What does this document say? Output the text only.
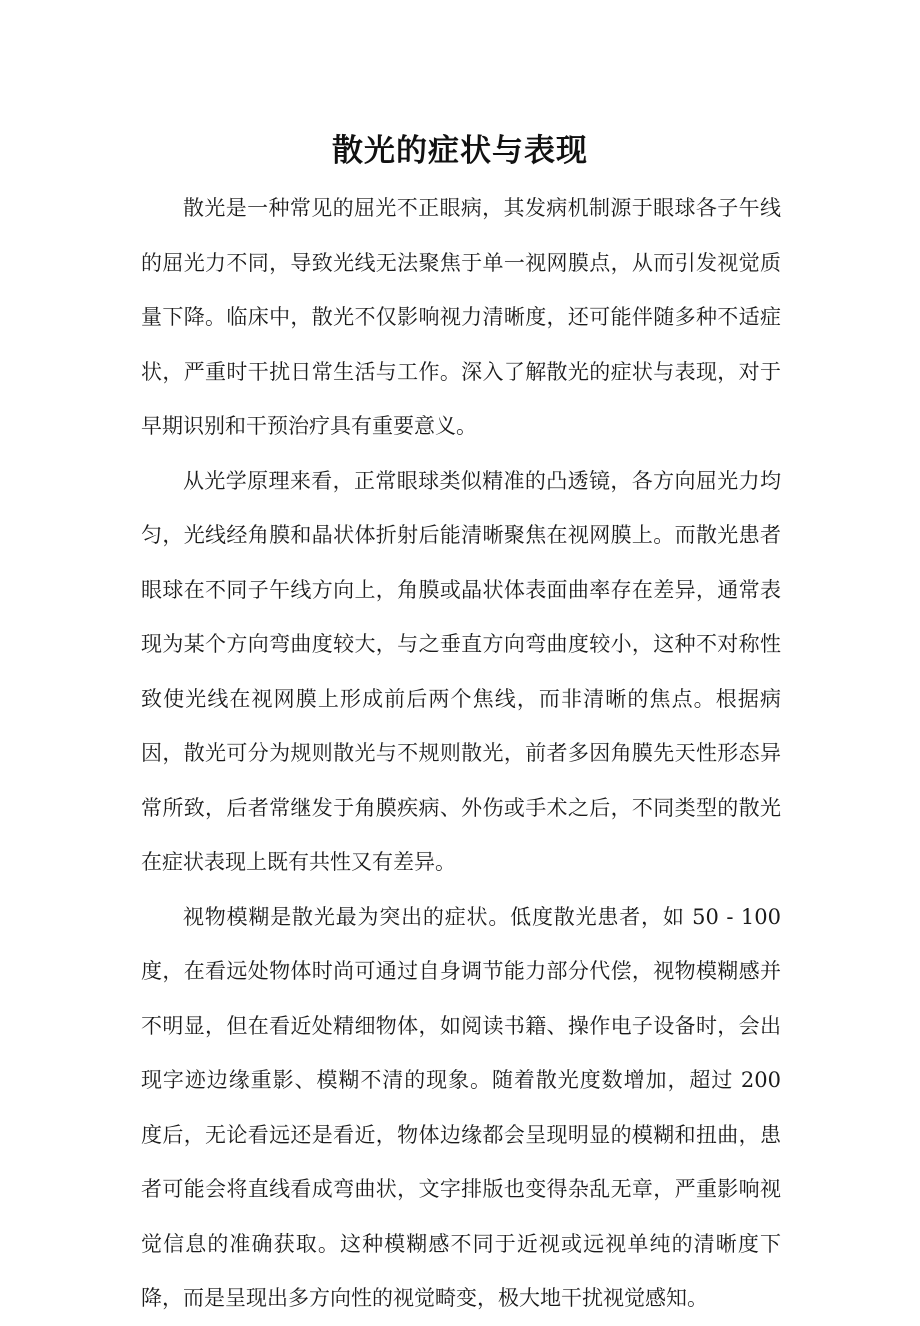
散光的症状与表现

散光是一种常见的屈光不正眼病，其发病机制源于眼球各子午线的屈光力不同，导致光线无法聚焦于单一视网膜点，从而引发视觉质量下降。临床中，散光不仅影响视力清晰度，还可能伴随多种不适症状，严重时干扰日常生活与工作。深入了解散光的症状与表现，对于早期识别和干预治疗具有重要意义。

从光学原理来看，正常眼球类似精准的凸透镜，各方向屈光力均匀，光线经角膜和晶状体折射后能清晰聚焦在视网膜上。而散光患者眼球在不同子午线方向上，角膜或晶状体表面曲率存在差异，通常表现为某个方向弯曲度较大，与之垂直方向弯曲度较小，这种不对称性致使光线在视网膜上形成前后两个焦线，而非清晰的焦点。根据病因，散光可分为规则散光与不规则散光，前者多因角膜先天性形态异常所致，后者常继发于角膜疾病、外伤或手术之后，不同类型的散光在症状表现上既有共性又有差异。

视物模糊是散光最为突出的症状。低度散光患者，如 50 - 100 度，在看远处物体时尚可通过自身调节能力部分代偿，视物模糊感并不明显，但在看近处精细物体，如阅读书籍、操作电子设备时，会出现字迹边缘重影、模糊不清的现象。随着散光度数增加，超过 200 度后，无论看远还是看近，物体边缘都会呈现明显的模糊和扭曲，患者可能会将直线看成弯曲状，文字排版也变得杂乱无章，严重影响视觉信息的准确获取。这种模糊感不同于近视或远视单纯的清晰度下降，而是呈现出多方向性的视觉畸变，极大地干扰视觉感知。
